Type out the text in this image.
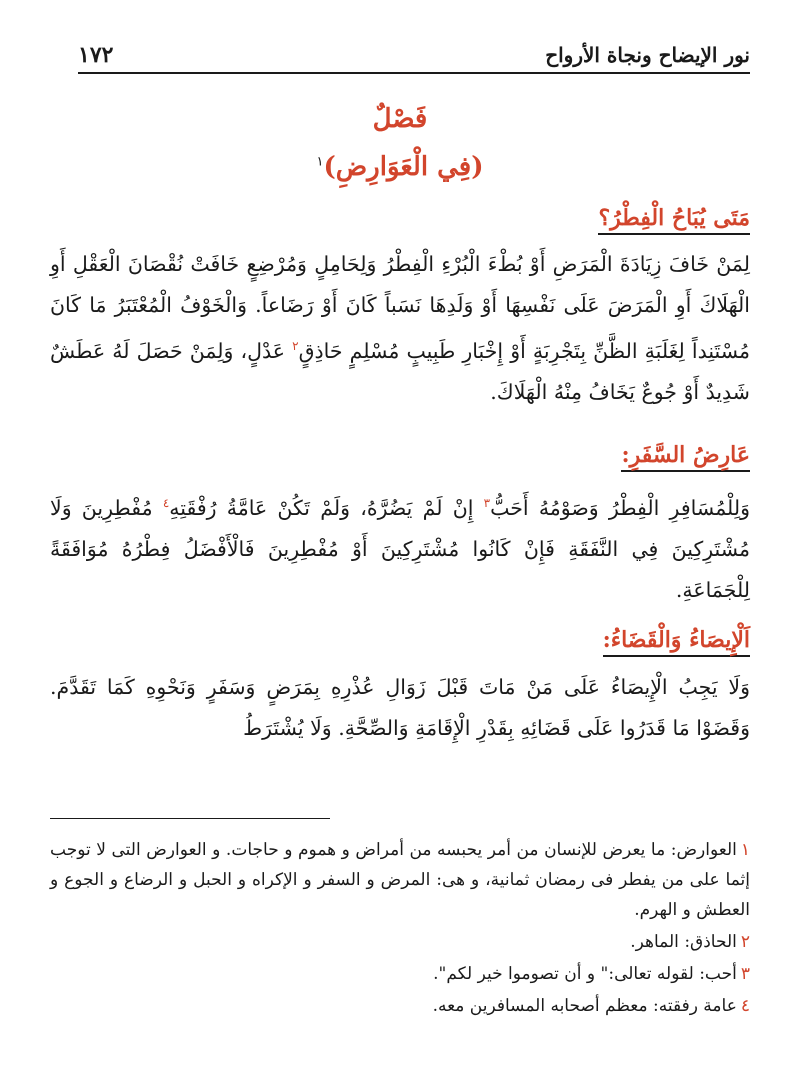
نور الإيضاح ونجاة الأرواح
١٧٢
فَصْلٌ
(فِي الْعَوَارِضِ)$^١$
مَتَى يُبَاحُ الْفِطْرُ؟

لِمَنْ خَافَ زِيَادَةَ الْمَرَضِ أَوْ بُطْءَ الْبُرْءِ الْفِطْرُ وَلِحَامِلٍ وَمُرْضِعٍ خَافَتْ نُقْصَانَ الْعَقْلِ أَوِ الْهَلَاكَ أَوِ الْمَرَضَ عَلَى نَفْسِهَا أَوْ وَلَدِهَا نَسَباً كَانَ أَوْ رَضَاعاً. وَالْخَوْفُ الْمُعْتَبَرُ مَا كَانَ مُسْتَنِداً لِغَلَبَةِ الظَّنِّ بِتَجْرِبَةٍ أَوْ إِخْبَارِ طَبِيبٍ مُسْلِمٍ حَاذِقٍ$^٢$ عَدْلٍ، وَلِمَنْ حَصَلَ لَهُ عَطَشٌ شَدِيدٌ أَوْ جُوعٌ يَخَافُ مِنْهُ الْهَلَاكَ.

عَارِضُ السَّفَرِ:

وَلِلْمُسَافِرِ الْفِطْرُ وَصَوْمُهُ أَحَبُّ$^٣$ إِنْ لَمْ يَضُرَّهُ، وَلَمْ تَكُنْ عَامَّةُ رُفْقَتِهِ$^٤$ مُفْطِرِينَ وَلَا مُشْتَرِكِينَ فِي النَّفَقَةِ فَإِنْ كَانُوا مُشْتَرِكِينَ أَوْ مُفْطِرِينَ فَالْأَفْضَلُ فِطْرُهُ مُوَافَقَةً لِلْجَمَاعَةِ.

اَلْإِيصَاءُ وَالْقَضَاءُ:

وَلَا يَجِبُ الْإِيصَاءُ عَلَى مَنْ مَاتَ قَبْلَ زَوَالِ عُذْرِهِ بِمَرَضٍ وَسَفَرٍ وَنَحْوِهِ كَمَا تَقَدَّمَ. وَقَضَوْا مَا قَدَرُوا عَلَى قَضَائِهِ بِقَدْرِ الْإِقَامَةِ وَالصِّحَّةِ. وَلَا يُشْتَرَطُ

١العوارض: ما يعرض للإنسان من أمر يحبسه من أمراض و هموم و حاجات. و العوارض التى لا توجب إثما على من يفطر فى رمضان ثمانية، و هى: المرض و السفر و الإكراه و الحبل و الرضاع و الجوع و العطش و الهرم.

٢الحاذق: الماهر.

٣أحب: لقوله تعالى:" و أن تصوموا خير لكم".

٤عامة رفقته: معظم أصحابه المسافرين معه.
